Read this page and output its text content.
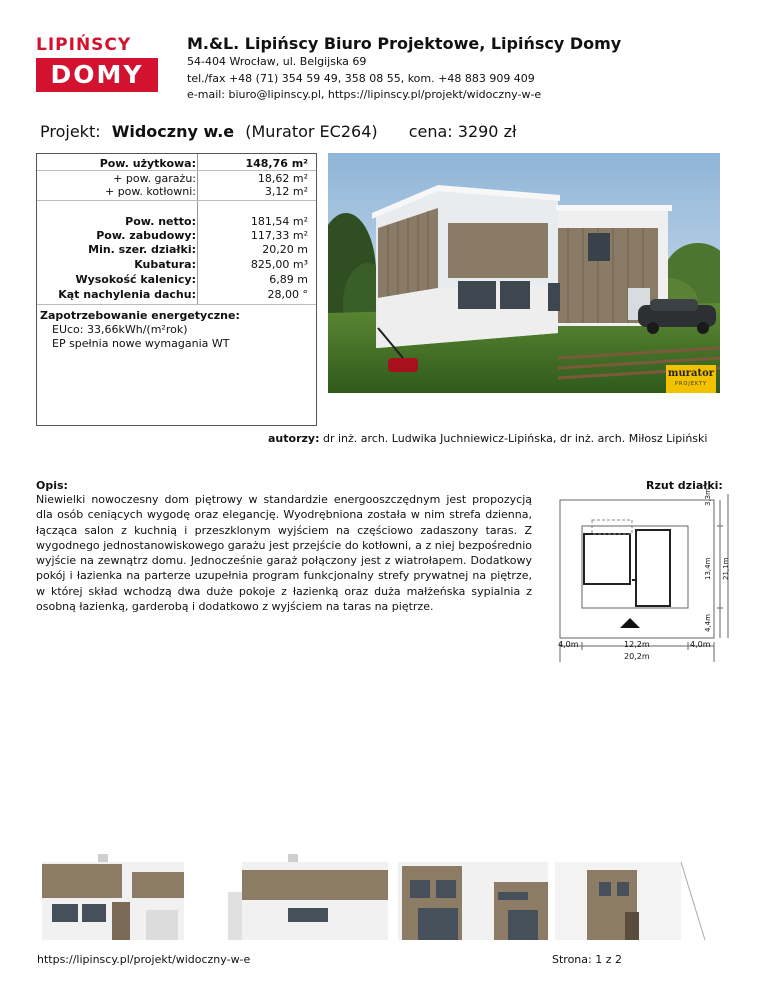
LIPIŃSCY
DOMY
M.&L. Lipińscy Biuro Projektowe, Lipińscy Domy
54-404 Wrocław, ul. Belgijska 69
tel./fax +48 (71) 354 59 49, 358 08 55, kom. +48 883 909 409
e-mail: biuro@lipinscy.pl, https://lipinscy.pl/projekt/widoczny-w-e
Projekt: Widoczny w.e (Murator EC264) cena: 3290 zł
Pow. użytkowa:	148,76 m²
+ pow. garażu:	18,62 m²
+ pow. kotłowni:	3,12 m²
Pow. netto:	181,54 m²
Pow. zabudowy:	117,33 m²
Min. szer. działki:	20,20 m
Kubatura:	825,00 m³
Wysokość kalenicy:	6,89 m
Kąt nachylenia dachu:	28,00 °
Zapotrzebowanie energetyczne:
EUco: 33,66kWh/(m²rok)
EP spełnia nowe wymagania WT
murator
PROJEKTY
autorzy: dr inż. arch. Ludwika Juchniewicz-Lipińska, dr inż. arch. Miłosz Lipiński
Opis:
Niewielki nowoczesny dom piętrowy w standardzie energooszczędnym jest propozycją dla osób ceniących wygodę oraz elegancję. Wyodrębniona została w nim strefa dzienna, łącząca salon z kuchnią i przeszklonym wyjściem na częściowo zadaszony taras. Z wygodnego jednostanowiskowego garażu jest przejście do kotłowni, a z niej bezpośrednio wyjście na zewnątrz domu. Jednocześnie garaż połączony jest z wiatrołapem. Dodatkowy pokój i łazienka na parterze uzupełnia program funkcjonalny strefy prywatnej na piętrze, w której skład wchodzą dwa duże pokoje z łazienką oraz duża małżeńska sypialnia z osobną łazienką, garderobą i dodatkowo z wyjściem na taras na piętrze.
Rzut działki:
4,0m	12,2m	4,0m
20,2m
3,3m
13,4m
4,4m
21,1m
https://lipinscy.pl/projekt/widoczny-w-e	Strona: 1 z 2
